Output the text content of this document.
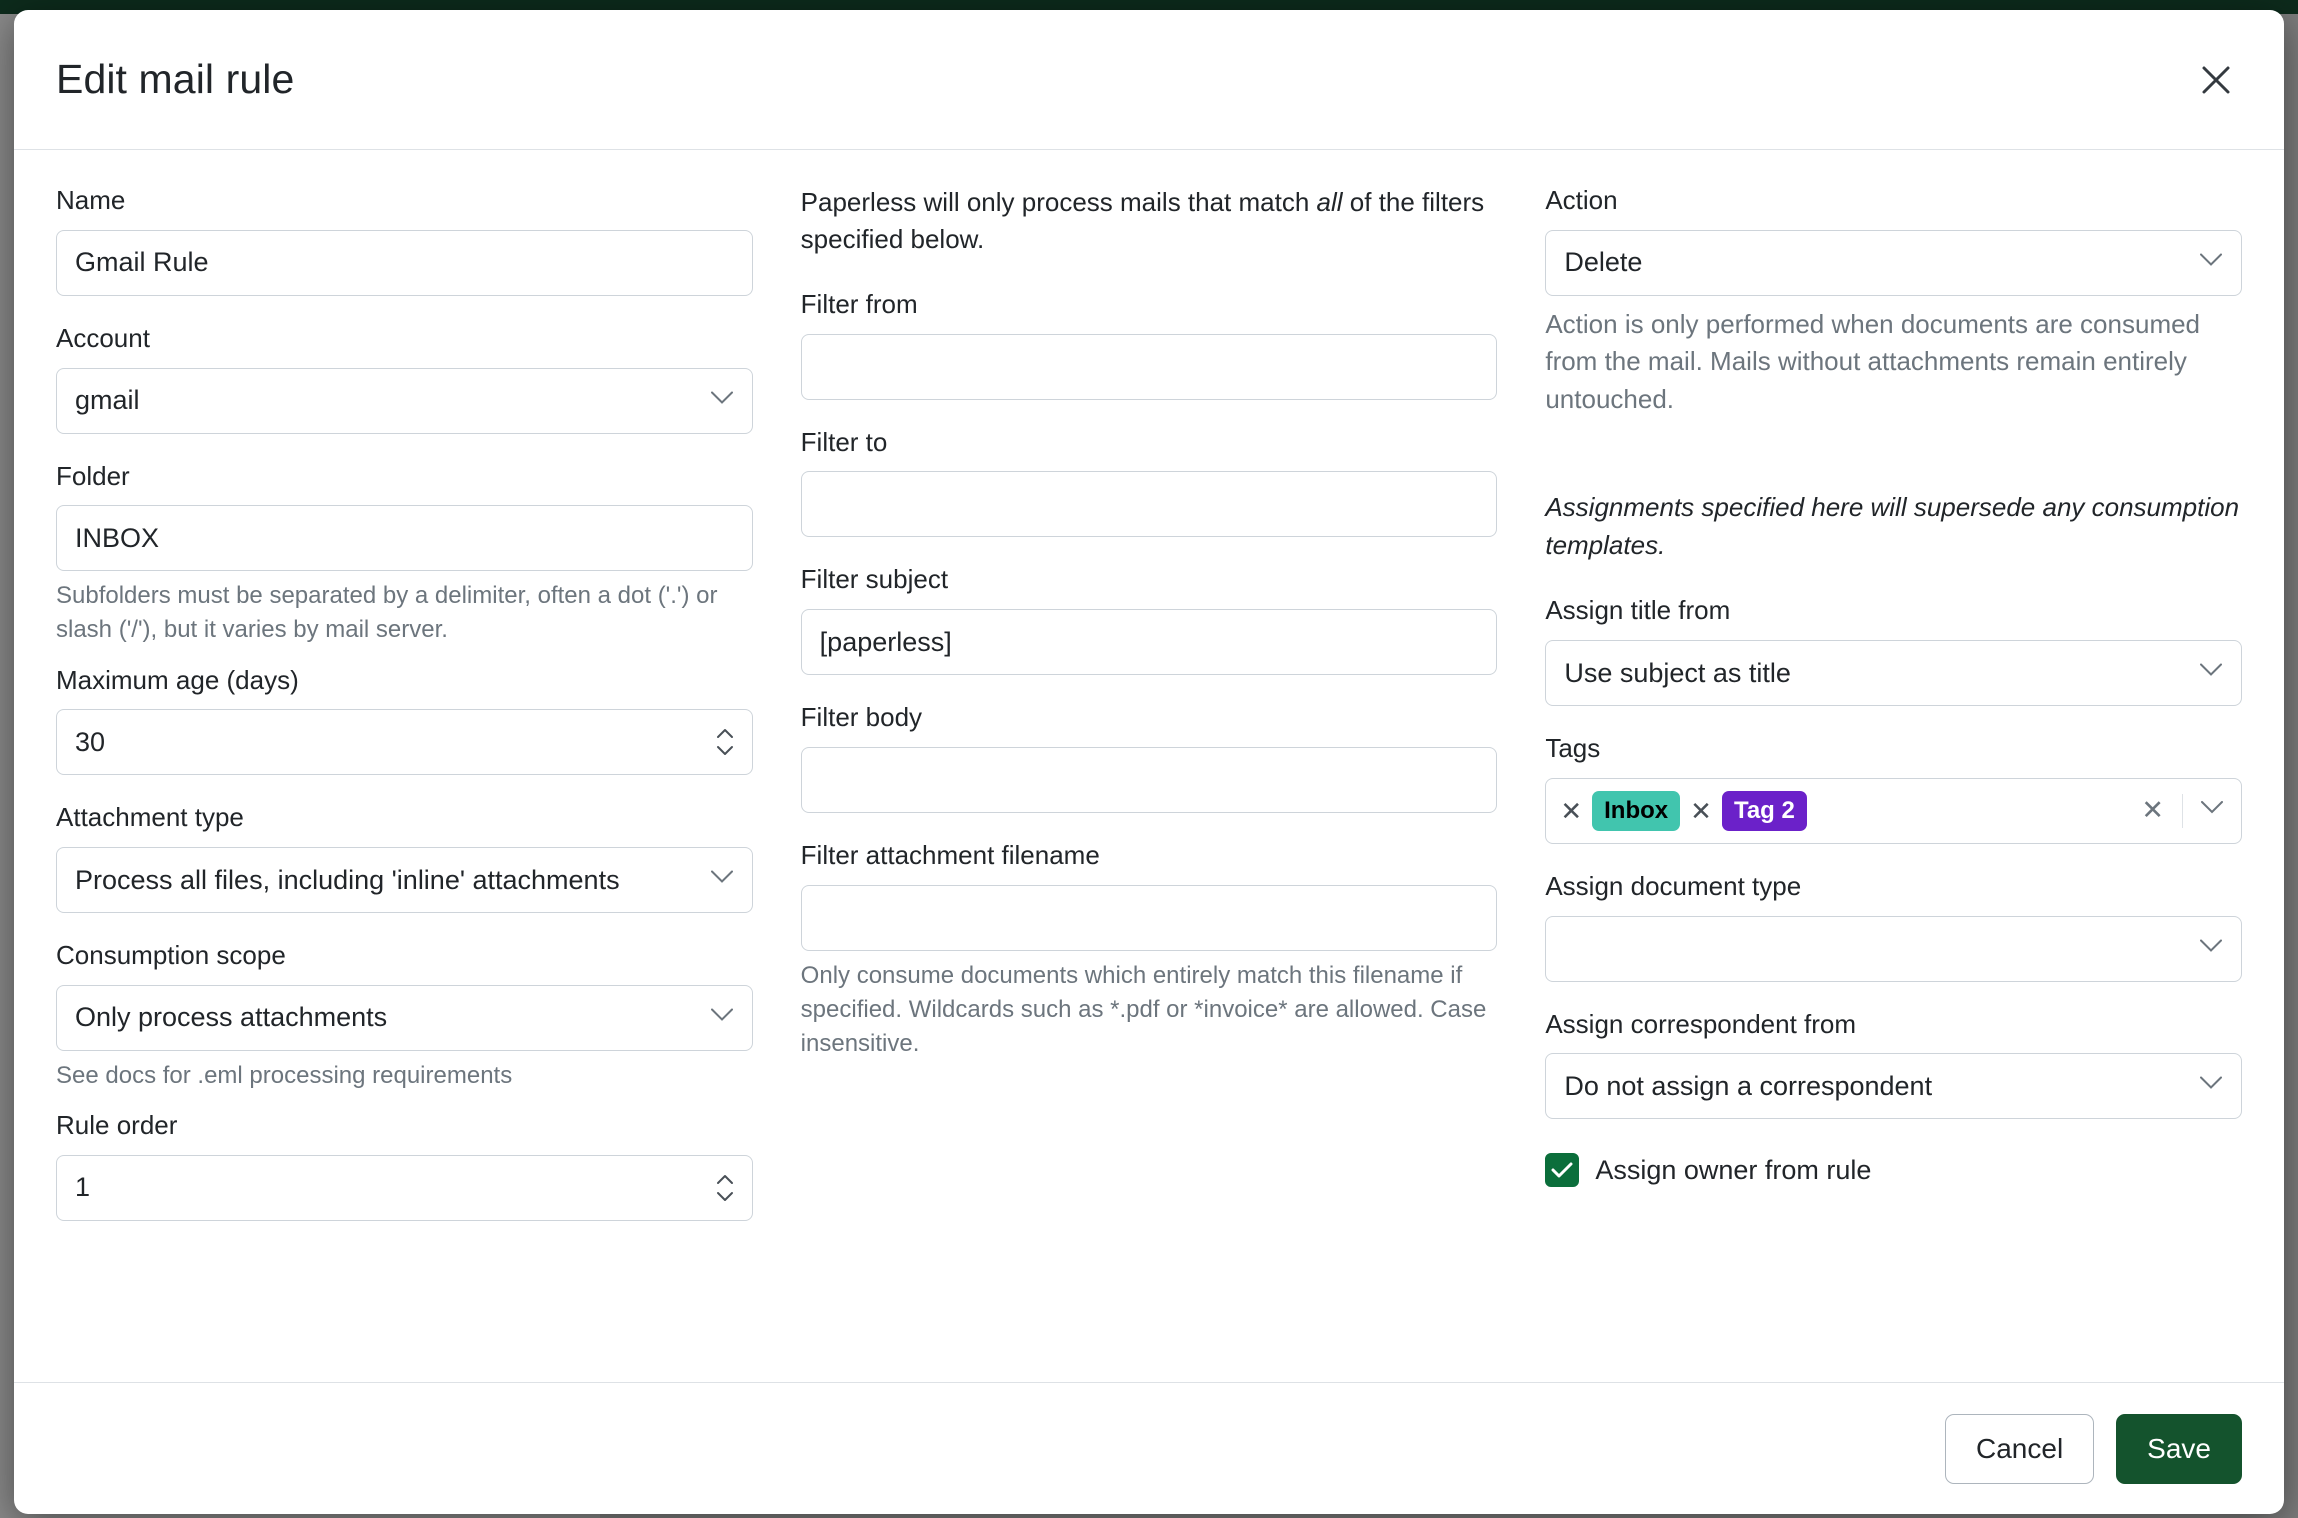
Edit mail rule
Name
Gmail Rule
Account
gmail
Folder
INBOX

Subfolders must be separated by a delimiter, often a dot ('.') or slash ('/'), but it varies by mail server.

Maximum age (days)
30
Attachment type
Process all files, including 'inline' attachments
Consumption scope
Only process attachments

See docs for .eml processing requirements

Rule order
1

Paperless will only process mails that match all of the filters specified below.

Filter from
Filter to
Filter subject
[paperless]
Filter body
Filter attachment filename

Only consume documents which entirely match this filename if specified. Wildcards such as *.pdf or *invoice* are allowed. Case insensitive.

Action
Delete

Action is only performed when documents are consumed from the mail. Mails without attachments remain entirely untouched.

Assignments specified here will supersede any consumption templates.

Assign title from
Use subject as title
Tags
✕ Inbox ✕ Tag 2	✕
Assign document type
Assign correspondent from
Do not assign a correspondent
Assign owner from rule
Cancel	Save
